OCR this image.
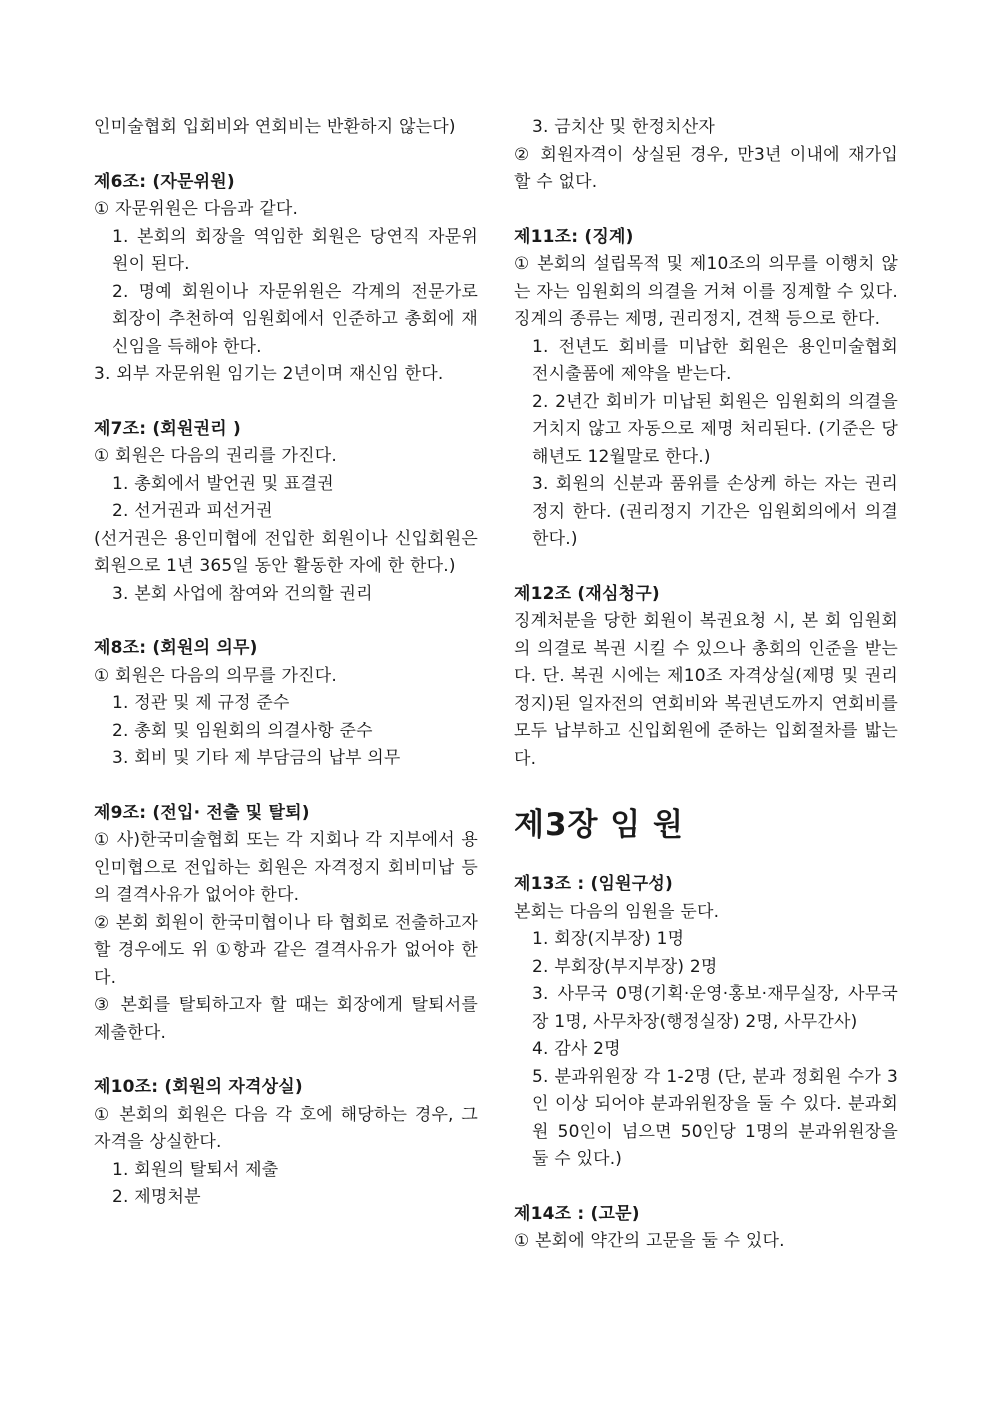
인미술협회 입회비와 연회비는 반환하지 않는다)

제6조: (자문위원)

① 자문위원은 다음과 같다.

1. 본회의 회장을 역임한 회원은 당연직 자문위원이 된다.

2. 명예 회원이나 자문위원은 각계의 전문가로 회장이 추천하여 임원회에서 인준하고 총회에 재신임을 득해야 한다.

3. 외부 자문위원 임기는 2년이며 재신임 한다.

제7조: (회원권리 )

① 회원은 다음의 권리를 가진다.

1. 총회에서 발언권 및 표결권

2. 선거권과 피선거권

(선거권은 용인미협에 전입한 회원이나 신입회원은 회원으로 1년 365일 동안 활동한 자에 한 한다.)

3. 본회 사업에 참여와 건의할 권리

제8조: (회원의 의무)

① 회원은 다음의 의무를 가진다.

1. 정관 및 제 규정 준수

2. 총회 및 임원회의 의결사항 준수

3. 회비 및 기타 제 부담금의 납부 의무

제9조: (전입· 전출 및 탈퇴)

① 사)한국미술협회 또는 각 지회나 각 지부에서 용인미협으로 전입하는 회원은 자격정지 회비미납 등의 결격사유가 없어야 한다.

② 본회 회원이 한국미협이나 타 협회로 전출하고자 할 경우에도 위 ①항과 같은 결격사유가 없어야 한다.

③ 본회를 탈퇴하고자 할 때는 회장에게 탈퇴서를 제출한다.

제10조: (회원의 자격상실)

① 본회의 회원은 다음 각 호에 해당하는 경우, 그 자격을 상실한다.

1. 회원의 탈퇴서 제출

2. 제명처분

3. 금치산 및 한정치산자

② 회원자격이 상실된 경우, 만3년 이내에 재가입 할 수 없다.

제11조: (징계)

① 본회의 설립목적 및 제10조의 의무를 이행치 않는 자는 임원회의 의결을 거쳐 이를 징계할 수 있다. 징계의 종류는 제명, 권리정지, 견책 등으로 한다.

1. 전년도 회비를 미납한 회원은 용인미술협회 전시출품에 제약을 받는다.

2. 2년간 회비가 미납된 회원은 임원회의 의결을 거치지 않고 자동으로 제명 처리된다. (기준은 당해년도 12월말로 한다.)

3. 회원의 신분과 품위를 손상케 하는 자는 권리정지 한다. (권리정지 기간은 임원회의에서 의결한다.)

제12조 (재심청구)

징계처분을 당한 회원이 복권요청 시, 본 회 임원회의 의결로 복권 시킬 수 있으나 총회의 인준을 받는다. 단. 복권 시에는 제10조 자격상실(제명 및 권리정지)된 일자전의 연회비와 복권년도까지 연회비를 모두 납부하고 신입회원에 준하는 입회절차를 밟는다.

제3장 임 원

제13조 : (임원구성)

본회는 다음의 임원을 둔다.

1. 회장(지부장) 1명

2. 부회장(부지부장) 2명

3. 사무국 0명(기획·운영·홍보·재무실장, 사무국장 1명, 사무차장(행정실장) 2명, 사무간사)

4. 감사 2명

5. 분과위원장 각 1-2명 (단, 분과 정회원 수가 3인 이상 되어야 분과위원장을 둘 수 있다. 분과회원 50인이 넘으면 50인당 1명의 분과위원장을 둘 수 있다.)

제14조 : (고문)

① 본회에 약간의 고문을 둘 수 있다.
